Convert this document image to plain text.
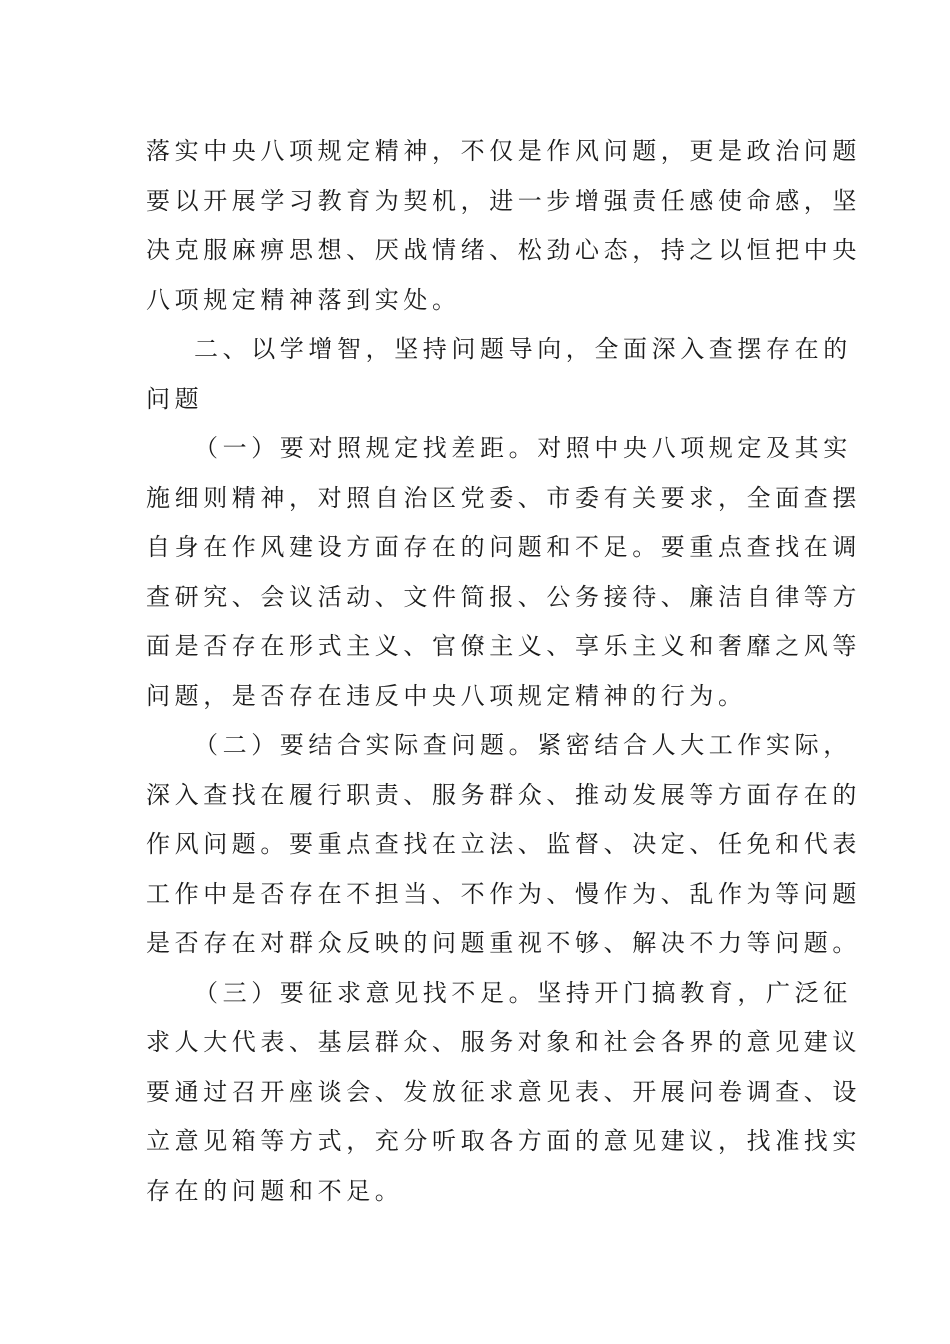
落实中央八项规定精神，不仅是作风问题，更是政治问题
要以开展学习教育为契机，进一步增强责任感使命感，坚
决克服麻痹思想、厌战情绪、松劲心态，持之以恒把中央
八项规定精神落到实处。
二、以学增智，坚持问题导向，全面深入查摆存在的
问题
（一）要对照规定找差距。对照中央八项规定及其实
施细则精神，对照自治区党委、市委有关要求，全面查摆
自身在作风建设方面存在的问题和不足。要重点查找在调
查研究、会议活动、文件简报、公务接待、廉洁自律等方
面是否存在形式主义、官僚主义、享乐主义和奢靡之风等
问题，是否存在违反中央八项规定精神的行为。
（二）要结合实际查问题。紧密结合人大工作实际，
深入查找在履行职责、服务群众、推动发展等方面存在的
作风问题。要重点查找在立法、监督、决定、任免和代表
工作中是否存在不担当、不作为、慢作为、乱作为等问题
是否存在对群众反映的问题重视不够、解决不力等问题。
（三）要征求意见找不足。坚持开门搞教育，广泛征
求人大代表、基层群众、服务对象和社会各界的意见建议
要通过召开座谈会、发放征求意见表、开展问卷调查、设
立意见箱等方式，充分听取各方面的意见建议，找准找实
存在的问题和不足。
